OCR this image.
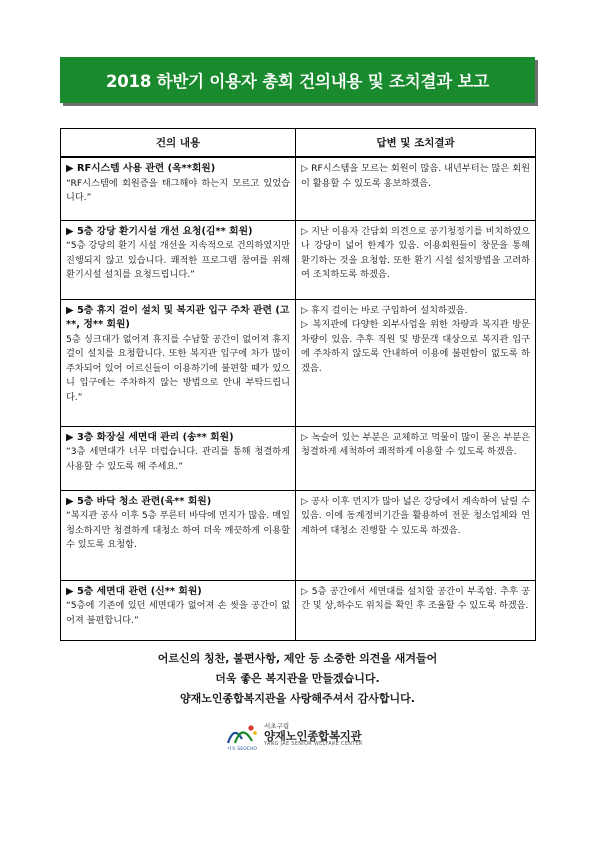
2018 하반기 이용자 총회 건의내용 및 조치결과 보고
건의 내용	답변 및 조치결과

▶ RF시스템 사용 관련 (옥**회원)
“RF시스템에 회원증을 태그해야 하는지 모르고 있었습니다.”	▷ RF시스템을 모르는 회원이 많음. 내년부터는 많은 회원이 활용할 수 있도록 홍보하겠음.

▶ 5층 강당 환기시설 개선 요청(김** 회원)
“5층 강당의 환기 시설 개선을 지속적으로 건의하였지만 진행되지 않고 있습니다. 쾌적한 프로그램 참여를 위해 환기시설 설치를 요청드립니다.”	▷ 지난 이용자 간담회 의견으로 공기청정기를 비치하였으나 강당이 넓어 한계가 있음. 이용회원들이 창문을 통해 환기하는 것을 요청함. 또한 환기 시설 설치방법을 고려하여 조치하도록 하겠음.

▶ 5층 휴지 걸이 설치 및 복지관 입구 주차 관련 (고**, 정** 회원)
5층 싱크대가 없어져 휴지를 수납할 공간이 없어져 휴지 걸이 설치를 요청합니다. 또한 복지관 입구에 차가 많이 주차되어 있어 어르신들이 이용하기에 불편할 때가 있으니 입구에는 주차하지 않는 방법으로 안내 부탁드립니다.”	▷ 휴지 걸이는 바로 구입하여 설치하겠음.
▷ 복지관에 다양한 외부사업을 위한 차량과 복지관 방문 차량이 있음. 추후 직원 및 방문객 대상으로 복지관 입구에 주차하지 않도록 안내하여 이용에 불편함이 없도록 하겠음.

▶ 3층 화장실 세면대 관리 (송** 회원)
“3층 세면대가 너무 더럽습니다. 관리를 통해 청결하게 사용할 수 있도록 해 주세요.”	▷ 녹슬어 있는 부분은 교체하고 먹물이 많이 묻은 부분은 청결하게 세척하여 쾌적하게 이용할 수 있도록 하겠음.

▶ 5층 바닥 청소 관련(육** 회원)
“복지관 공사 이후 5층 푸른터 바닥에 먼지가 많음. 매일 청소하지만 청결하게 대청소 하여 더욱 깨끗하게 이용할 수 있도록 요청함.	▷ 공사 이후 먼지가 많아 넓은 강당에서 계속하여 날릴 수 있음. 이에 동계정비기간을 활용하여 전문 청소업체와 연계하여 대청소 진행할 수 있도록 하겠음.

▶ 5층 세면대 관련 (신** 회원)
“5층에 기존에 있던 세면대가 없어져 손 씻을 공간이 없어져 불편합니다.”	▷ 5층 공간에서 세면대를 설치할 공간이 부족함. 추후 공간 및 상,하수도 위치를 확인 후 조율할 수 있도록 하겠음.
어르신의 칭찬, 불편사항, 제안 등 소중한 의견을 새겨들어
더욱 좋은 복지관을 만들겠습니다.
양재노인종합복지관을 사랑해주셔서 감사합니다.
서초 SEOCHO
서초구립
양재노인종합복지관
YANG JAE SENIOR WELFARE CENTER
